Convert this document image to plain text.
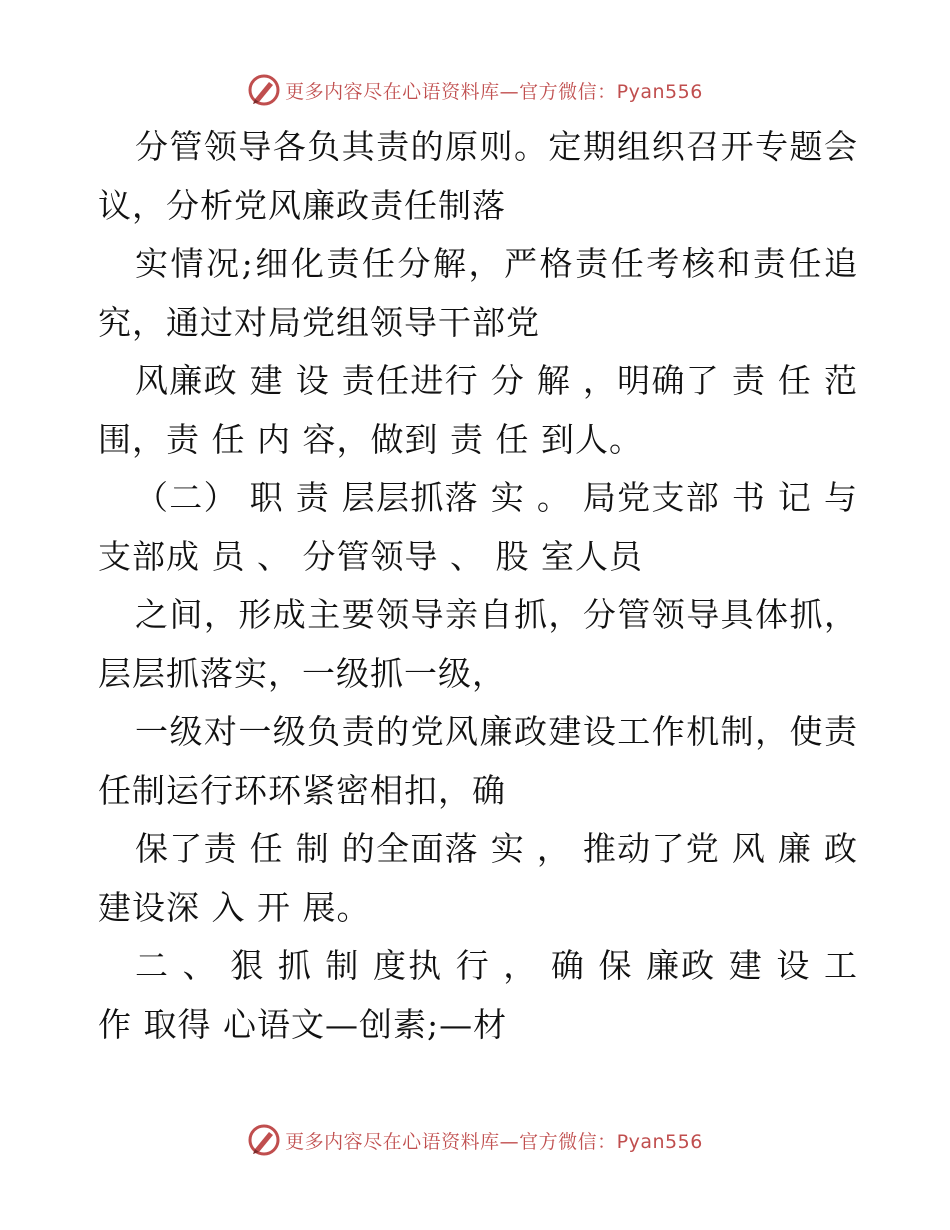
更多内容尽在心语资料库—官方微信：Pyan556

分管领导各负其责的原则。定期组织召开专题会议，分析党风廉政责任制落

实情况;细化责任分解，严格责任考核和责任追究，通过对局党组领导干部党

风廉政 建 设 责任进行 分 解 ，明确了 责 任 范围，责 任 内 容，做到 责 任 到人。

（二） 职 责 层层抓落 实 。 局党支部 书 记 与支部成 员 、 分管领导 、 股 室人员

之间，形成主要领导亲自抓，分管领导具体抓，层层抓落实，一级抓一级，

一级对一级负责的党风廉政建设工作机制，使责任制运行环环紧密相扣，确

保了责 任 制 的全面落 实 ， 推动了党 风 廉 政建设深 入 开 展。

二 、 狠 抓 制 度执 行 ， 确 保 廉政 建 设 工 作 取得 心语文—创素;—材

更多内容尽在心语资料库—官方微信：Pyan556
